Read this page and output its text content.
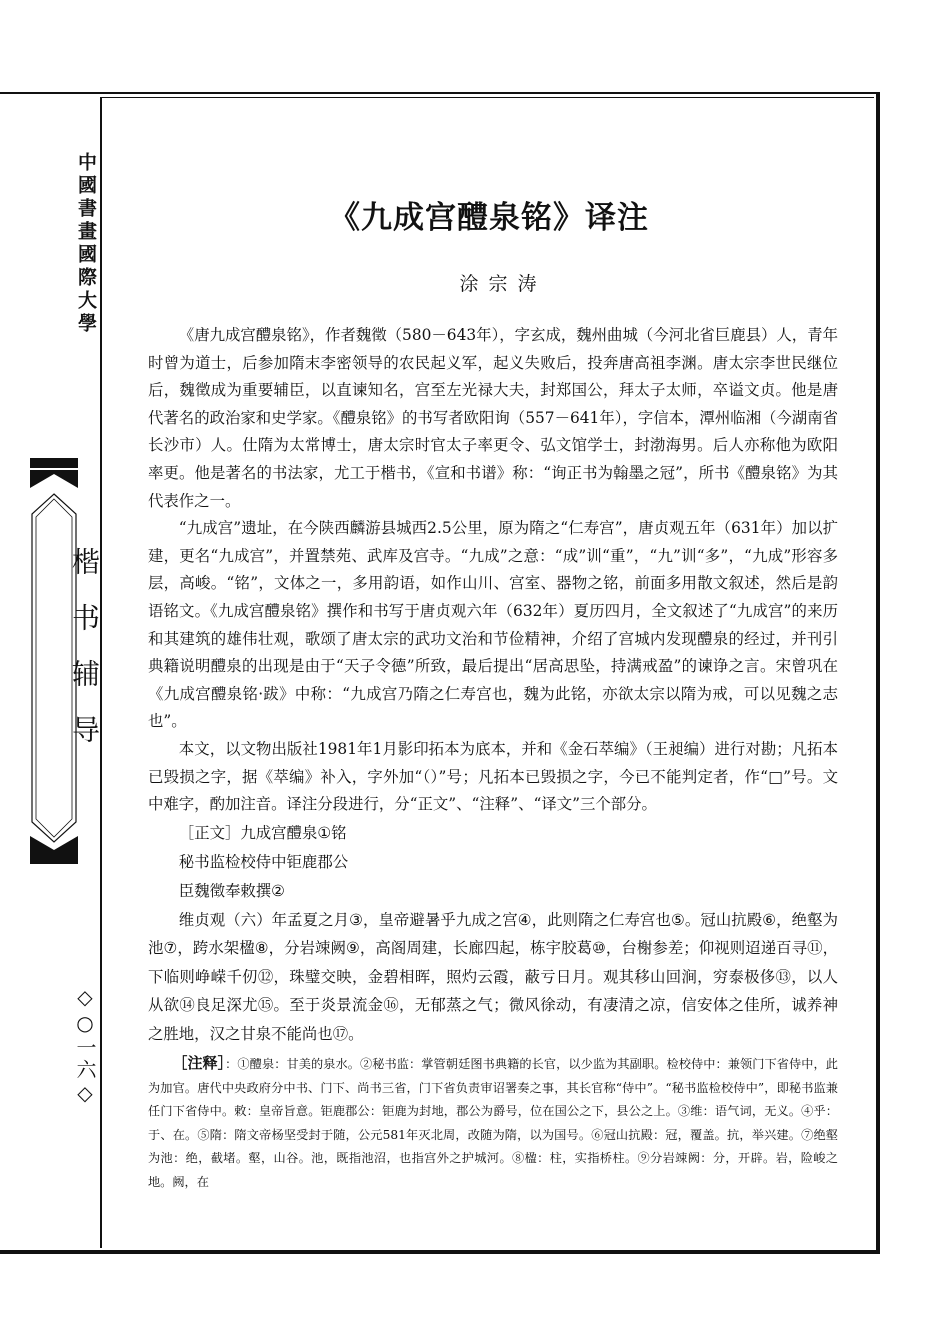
中國書畫國際大學
楷书辅导
◇○一六◇
《九成宫醴泉铭》译注
涂宗涛

《唐九成宫醴泉铭》，作者魏徵（580－643年），字玄成，魏州曲城（今河北省巨鹿县）人，青年时曾为道士，后参加隋末李密领导的农民起义军，起义失败后，投奔唐高祖李渊。唐太宗李世民继位后，魏徵成为重要辅臣，以直谏知名，宫至左光禄大夫，封郑国公，拜太子太师，卒谥文贞。他是唐代著名的政治家和史学家。《醴泉铭》的书写者欧阳询（557－641年），字信本，潭州临湘（今湖南省长沙市）人。仕隋为太常博士，唐太宗时官太子率更令、弘文馆学士，封渤海男。后人亦称他为欧阳率更。他是著名的书法家，尤工于楷书，《宣和书谱》称：“询正书为翰墨之冠”，所书《醴泉铭》为其代表作之一。

“九成宫”遗址，在今陕西麟游县城西2.5公里，原为隋之“仁寿宫”，唐贞观五年（631年）加以扩建，更名“九成宫”，并置禁苑、武库及宫寺。“九成”之意：“成”训“重”，“九”训“多”，“九成”形容多层，高峻。“铭”，文体之一，多用韵语，如作山川、宫室、器物之铭，前面多用散文叙述，然后是韵语铭文。《九成宫醴泉铭》撰作和书写于唐贞观六年（632年）夏历四月，全文叙述了“九成宫”的来历和其建筑的雄伟壮观，歌颂了唐太宗的武功文治和节俭精神，介绍了宫城内发现醴泉的经过，并刊引典籍说明醴泉的出现是由于“天子令德”所致，最后提出“居高思坠，持满戒盈”的谏诤之言。宋曾巩在《九成宫醴泉铭·跋》中称：“九成宫乃隋之仁寿宫也，魏为此铭，亦欲太宗以隋为戒，可以见魏之志也”。

本文，以文物出版社1981年1月影印拓本为底本，并和《金石萃编》（王昶编）进行对勘；凡拓本已毁损之字，据《萃编》补入，字外加“（）”号；凡拓本已毁损之字，今已不能判定者，作“□”号。文中难字，酌加注音。译注分段进行，分“正文”、“注释”、“译文”三个部分。

［正文］九成宫醴泉①铭

秘书监检校侍中钜鹿郡公

臣魏徵奉敕撰②

维贞观（六）年孟夏之月③，皇帝避暑乎九成之宫④，此则隋之仁寿宫也⑤。冠山抗殿⑥，绝壑为池⑦，跨水架楹⑧，分岩竦阙⑨，高阁周建，长廊四起，栋宇胶葛⑩，台榭参差；仰视则迢递百寻⑪，下临则峥嵘千仞⑫，珠璧交映，金碧相晖，照灼云霞，蔽亏日月。观其移山回涧，穷泰极侈⑬，以人从欲⑭良足深尤⑮。至于炎景流金⑯，无郁蒸之气；微风徐动，有凄清之凉，信安体之佳所，诚养神之胜地，汉之甘泉不能尚也⑰。

［注释］：①醴泉：甘美的泉水。②秘书监：掌管朝廷图书典籍的长官，以少监为其副职。检校侍中：兼领门下省侍中，此为加官。唐代中央政府分中书、门下、尚书三省，门下省负责审诏署奏之事，其长官称“侍中”。“秘书监检校侍中”，即秘书监兼任门下省侍中。敕：皇帝旨意。钜鹿郡公：钜鹿为封地，郡公为爵号，位在国公之下，县公之上。③维：语气词，无义。④乎：于、在。⑤隋：隋文帝杨坚受封于随，公元581年灭北周，改随为隋，以为国号。⑥冠山抗殿：冠，覆盖。抗，举兴建。⑦绝壑为池：绝，截堵。壑，山谷。池，既指池沼，也指宫外之护城河。⑧楹：柱，实指桥柱。⑨分岩竦阙：分，开辟。岩，险峻之地。阙，在
